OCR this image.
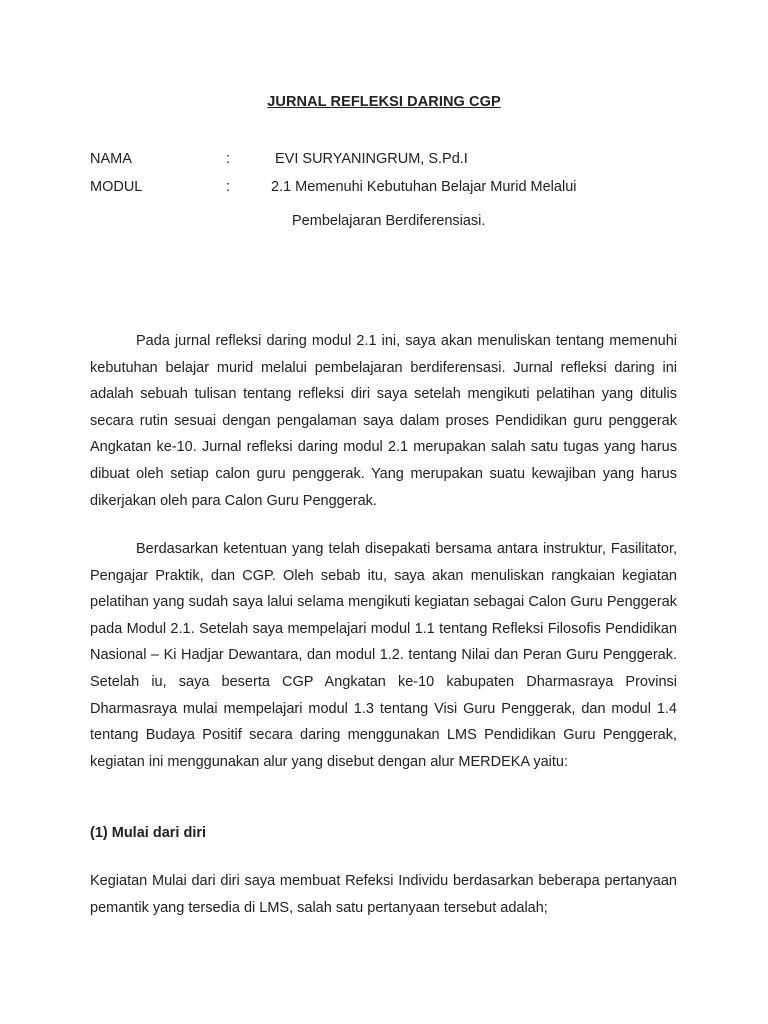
JURNAL REFLEKSI DARING CGP
NAMA	:	EVI SURYANINGRUM, S.Pd.I
MODUL	:	2.1 Memenuhi Kebutuhan Belajar Murid Melalui
Pembelajaran Berdiferensiasi.

Pada jurnal refleksi daring modul 2.1 ini, saya akan menuliskan tentang memenuhi kebutuhan belajar murid melalui pembelajaran berdiferensasi. Jurnal refleksi daring ini adalah sebuah tulisan tentang refleksi diri saya setelah mengikuti pelatihan yang ditulis secara rutin sesuai dengan pengalaman saya dalam proses Pendidikan guru penggerak Angkatan ke-10. Jurnal refleksi daring modul 2.1 merupakan salah satu tugas yang harus dibuat oleh setiap calon guru penggerak. Yang merupakan suatu kewajiban yang harus dikerjakan oleh para Calon Guru Penggerak.

Berdasarkan ketentuan yang telah disepakati bersama antara instruktur, Fasilitator, Pengajar Praktik, dan CGP. Oleh sebab itu, saya akan menuliskan rangkaian kegiatan pelatihan yang sudah saya lalui selama mengikuti kegiatan sebagai Calon Guru Penggerak pada Modul 2.1. Setelah saya mempelajari modul 1.1 tentang Refleksi Filosofis Pendidikan Nasional – Ki Hadjar Dewantara, dan modul 1.2. tentang Nilai dan Peran Guru Penggerak. Setelah iu, saya beserta CGP Angkatan ke-10 kabupaten Dharmasraya Provinsi Dharmasraya mulai mempelajari modul 1.3 tentang Visi Guru Penggerak, dan modul 1.4 tentang Budaya Positif secara daring menggunakan LMS Pendidikan Guru Penggerak, kegiatan ini menggunakan alur yang disebut dengan alur MERDEKA yaitu:

(1) Mulai dari diri

Kegiatan Mulai dari diri saya membuat Refeksi Individu berdasarkan beberapa pertanyaan pemantik yang tersedia di LMS, salah satu pertanyaan tersebut adalah;
